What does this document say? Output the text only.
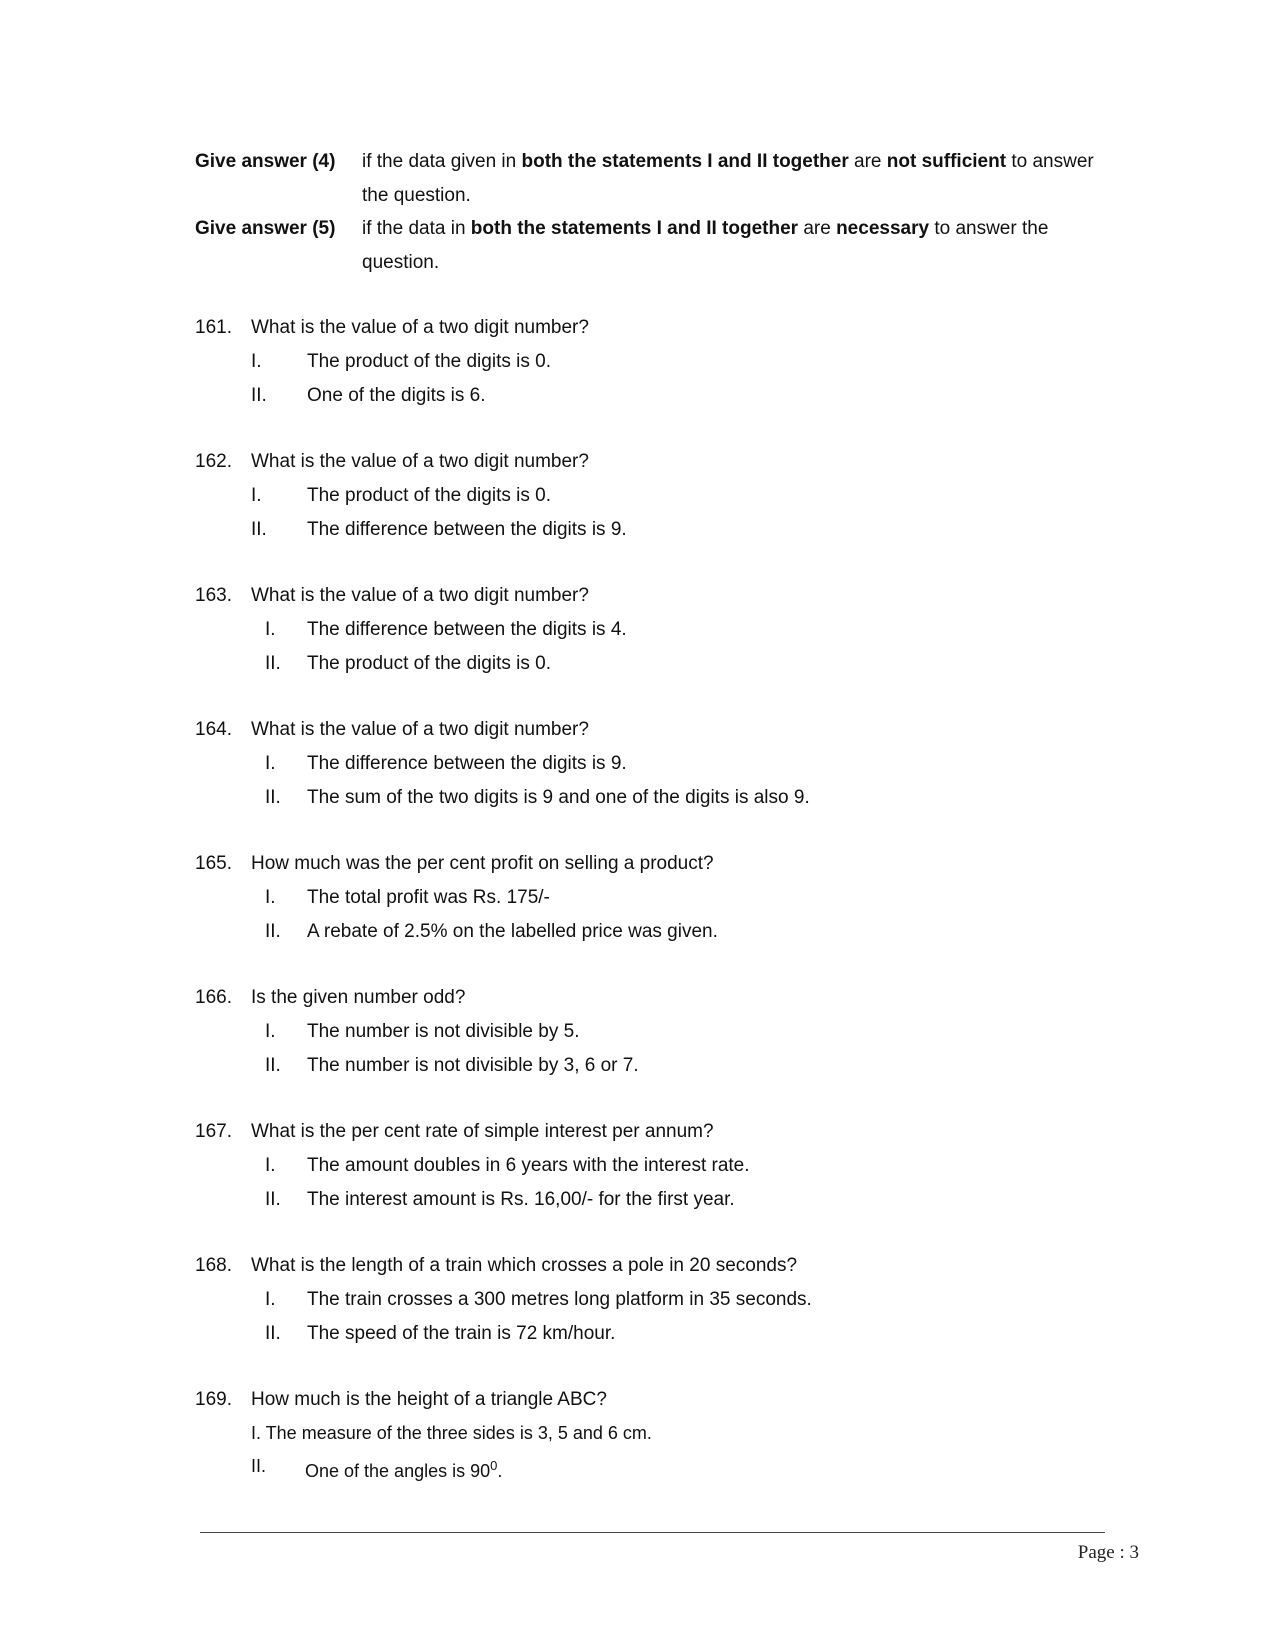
Give answer (4) if the data given in both the statements I and II together are not sufficient to answer the question.
Give answer (5) if the data in both the statements I and II together are necessary to answer the question.
161. What is the value of a two digit number?
I. The product of the digits is 0.
II. One of the digits is 6.
162. What is the value of a two digit number?
I. The product of the digits is 0.
II. The difference between the digits is 9.
163. What is the value of a two digit number?
I. The difference between the digits is 4.
II. The product of the digits is 0.
164. What is the value of a two digit number?
I. The difference between the digits is 9.
II. The sum of the two digits is 9 and one of the digits is also 9.
165. How much was the per cent profit on selling a product?
I. The total profit was Rs. 175/-
II. A rebate of 2.5% on the labelled price was given.
166. Is the given number odd?
I. The number is not divisible by 5.
II. The number is not divisible by 3, 6 or 7.
167. What is the per cent rate of simple interest per annum?
I. The amount doubles in 6 years with the interest rate.
II. The interest amount is Rs. 16,00/- for the first year.
168. What is the length of a train which crosses a pole in 20 seconds?
I. The train crosses a 300 metres long platform in 35 seconds.
II. The speed of the train is 72 km/hour.
169. How much is the height of a triangle ABC?
I. The measure of the three sides is 3, 5 and 6 cm.
II. One of the angles is $90^0$.
Page : 3
